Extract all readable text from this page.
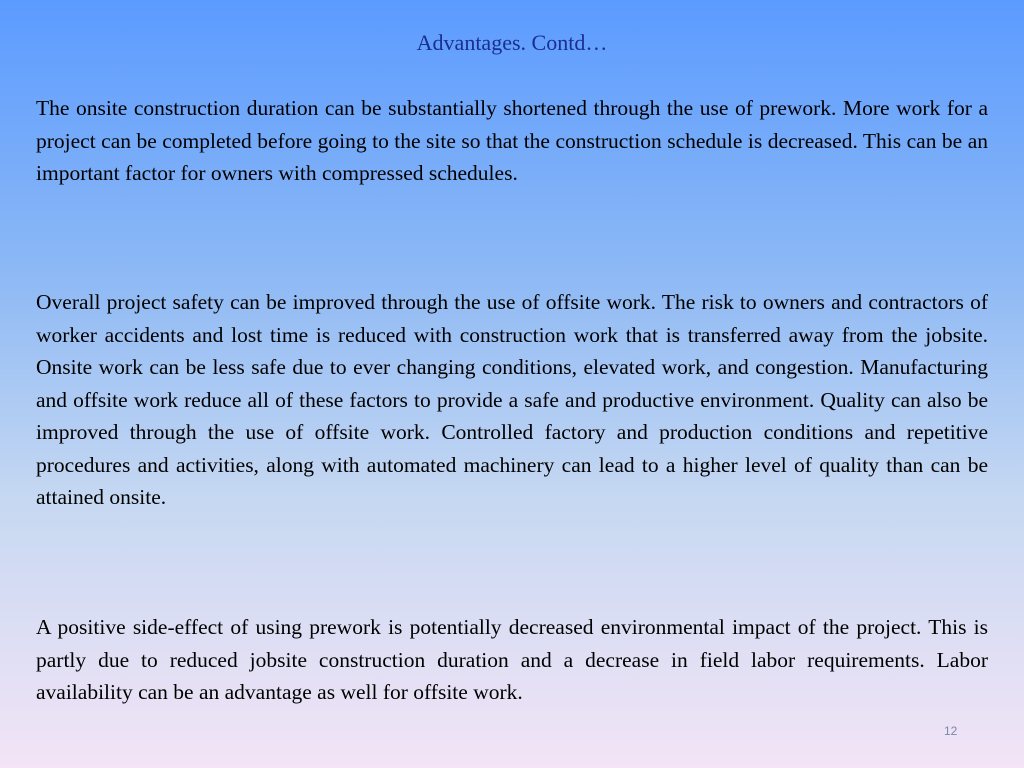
Advantages. Contd…

The onsite construction duration can be substantially shortened through the use of prework. More work for a project can be completed before going to the site so that the construction schedule is decreased. This can be an important factor for owners with compressed schedules.

Overall project safety can be improved through the use of offsite work. The risk to owners and contractors of worker accidents and lost time is reduced with construction work that is transferred away from the jobsite. Onsite work can be less safe due to ever changing conditions, elevated work, and congestion. Manufacturing and offsite work reduce all of these factors to provide a safe and productive environment. Quality can also be improved through the use of offsite work. Controlled factory and production conditions and repetitive procedures and activities, along with automated machinery can lead to a higher level of quality than can be attained onsite.

A positive side-effect of using prework is potentially decreased environmental impact of the project. This is partly due to reduced jobsite construction duration and a decrease in field labor requirements. Labor availability can be an advantage as well for offsite work.

12
